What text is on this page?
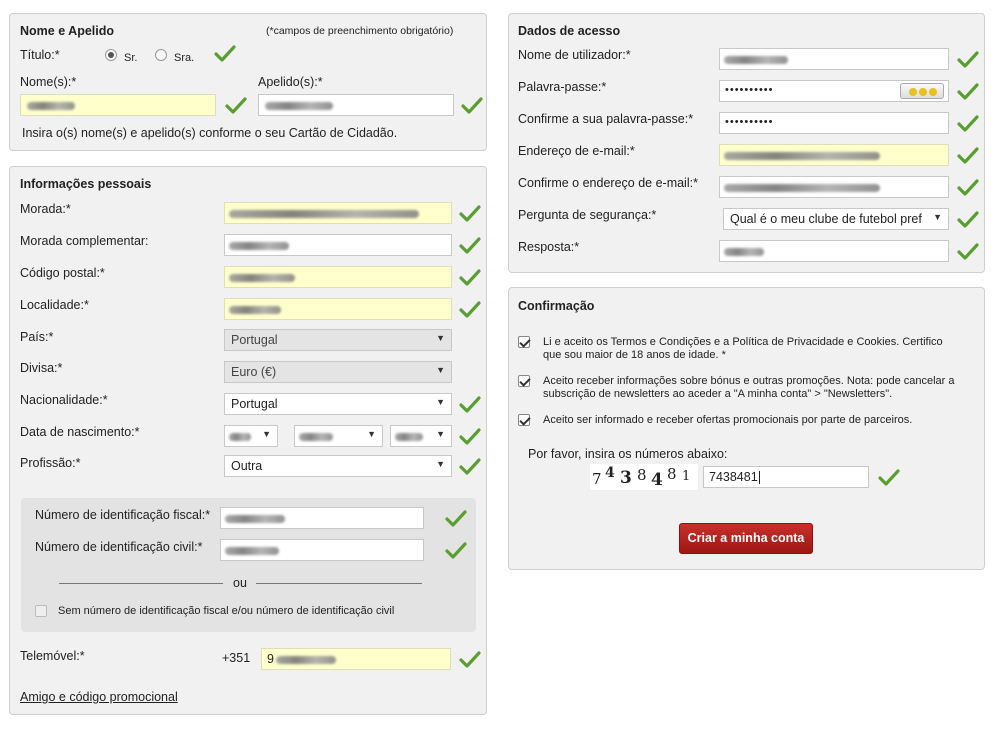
Nome e Apelido	(*campos de preenchimento obrigatório)
Título:*	Sr.	Sra.
Nome(s):*	Apelido(s):*
Insira o(s) nome(s) e apelido(s) conforme o seu Cartão de Cidadão.
Informações pessoais
Morada:*
Morada complementar:
Código postal:*
Localidade:*
País:*	Portugal	▼
Divisa:*	Euro (€)	▼
Nacionalidade:*	Portugal	▼
Data de nascimento:*	▼	▼	▼
Profissão:*	Outra	▼
Número de identificação fiscal:*
Número de identificação civil:*
ou
Sem número de identificação fiscal e/ou número de identificação civil
Telemóvel:*	+351	9
Amigo e código promocional
Dados de acesso
Nome de utilizador:*
Palavra-passe:*	••••••••••
Confirme a sua palavra-passe:*	••••••••••
Endereço de e-mail:*
Confirme o endereço de e-mail:*
Pergunta de segurança:*	Qual é o meu clube de futebol pref	▼
Resposta:*
Confirmação
Li e aceito os Termos e Condições e a Política de Privacidade e Cookies. Certifico
que sou maior de 18 anos de idade. *
Aceito receber informações sobre bónus e outras promoções. Nota: pode cancelar a
subscrição de newsletters ao aceder a "A minha conta" > "Newsletters".
Aceito ser informado e receber ofertas promocionais por parte de parceiros.
Por favor, insira os números abaixo:
7 4 3 8 4 8 1	7438481
Criar a minha conta
